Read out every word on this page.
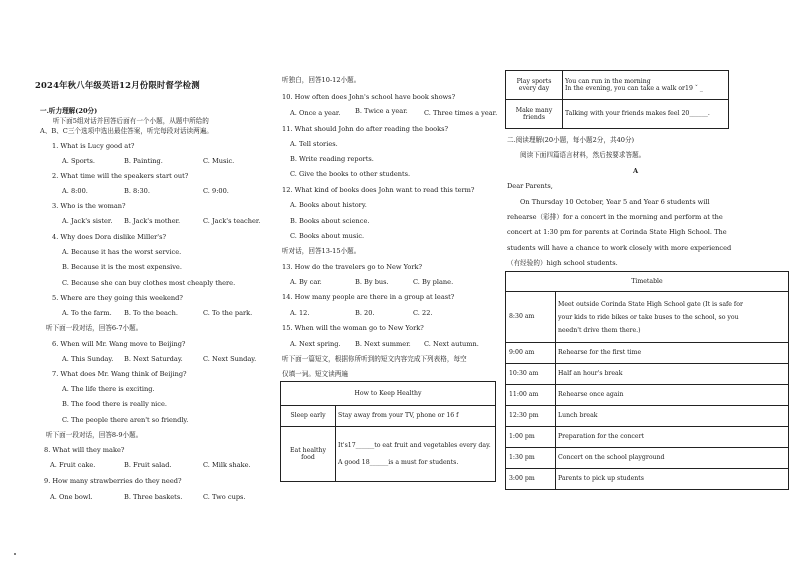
2024年秋八年级英语12月份限时督学检测
一.听力理解(20分)
听下面5组对话并回答后面有一个小题，从题中所给的
A、B、C三个选项中选出最佳答案，听完每段对话读两遍。
1. What is Lucy good at?
A. Sports.	B. Painting.	C. Music.
2. What time will the speakers start out?
A. 8:00.	B. 8:30.	C. 9:00.
3. Who is the woman?
A. Jack's sister. B. Jack's mother.	C. Jack's teacher.
4. Why does Dora dislike Miller's?
A. Because it has the worst service.
B. Because it is the most expensive.
C. Because she can buy clothes most cheaply there.
5. Where are they going this weekend?
A. To the farm. B. To the beach.	C. To the park.
听下面一段对话，回答6-7小题。
6. When will Mr. Wang move to Beijing?
A. This Sunday. B. Next Saturday.	C. Next Sunday.
7. What does Mr. Wang think of Beijing?
A. The life there is exciting.
B. The food there is really nice.
C. The people there aren't so friendly.
听下面一段对话，回答8-9小题。
8. What will they make?
A. Fruit cake.	B. Fruit salad.	C. Milk shake.
9. How many strawberries do they need?
A. One bowl.	B. Three baskets.	C. Two cups.
听独白，回答10-12小题。
10. How often does John's school have book shows?
A. Once a year. B. Twice a year. C. Three times a year.
11. What should John do after reading the books?
A. Tell stories.
B. Write reading reports.
C. Give the books to other students.
12. What kind of books does John want to read this term?
A. Books about history.
B. Books about science.
C. Books about music.
听对话，回答13-15小题。
13. How do the travelers go to New York?
A. By car.	B. By bus.	C. By plane.
14. How many people are there in a group at least?
A. 12.	B. 20.	C. 22.
15. When will the woman go to New York?
A. Next spring. B. Next summer. C. Next autumn.
听下面一篇短文，根据你所听到的短文内容完成下列表格，每空
仅填一词。短文读两遍
How to Keep Healthy	
Sleep early	Stay away from your TV, phone or 16 f
Eat healthy food	It's17______to eat fruit and vegetables every day.
A good 18______is a must for students.
Play sports every day	You can run in the morning
In the evening, you can take a walk or19 ˇ _

Make many friends	Talking with your friends makes feel 20______.
二.阅读理解(20小题，每小题2分，共40分)
阅读下面四篇语言材料，然后按要求答题。
A
Dear Parents,
On Thursday 10 October, Year 5 and Year 6 students will
rehearse（彩排）for a concert in the morning and perform at the
concert at 1:30 pm for parents at Corinda State High School. The
students will have a chance to work closely with more experienced
（有经验的）high school students.
Timetable	
8:30 am	Meet outside Corinda State High School gate (It is safe for
your kids to ride bikes or take buses to the school, so you
needn't drive them there.)

9:00 am	Rehearse for the first time
10:30 am	Half an hour's break
11:00 am	Rehearse once again
12:30 pm	Lunch break
1:00 pm	Preparation for the concert
1:30 pm	Concert on the school playground
3:00 pm	Parents to pick up students
